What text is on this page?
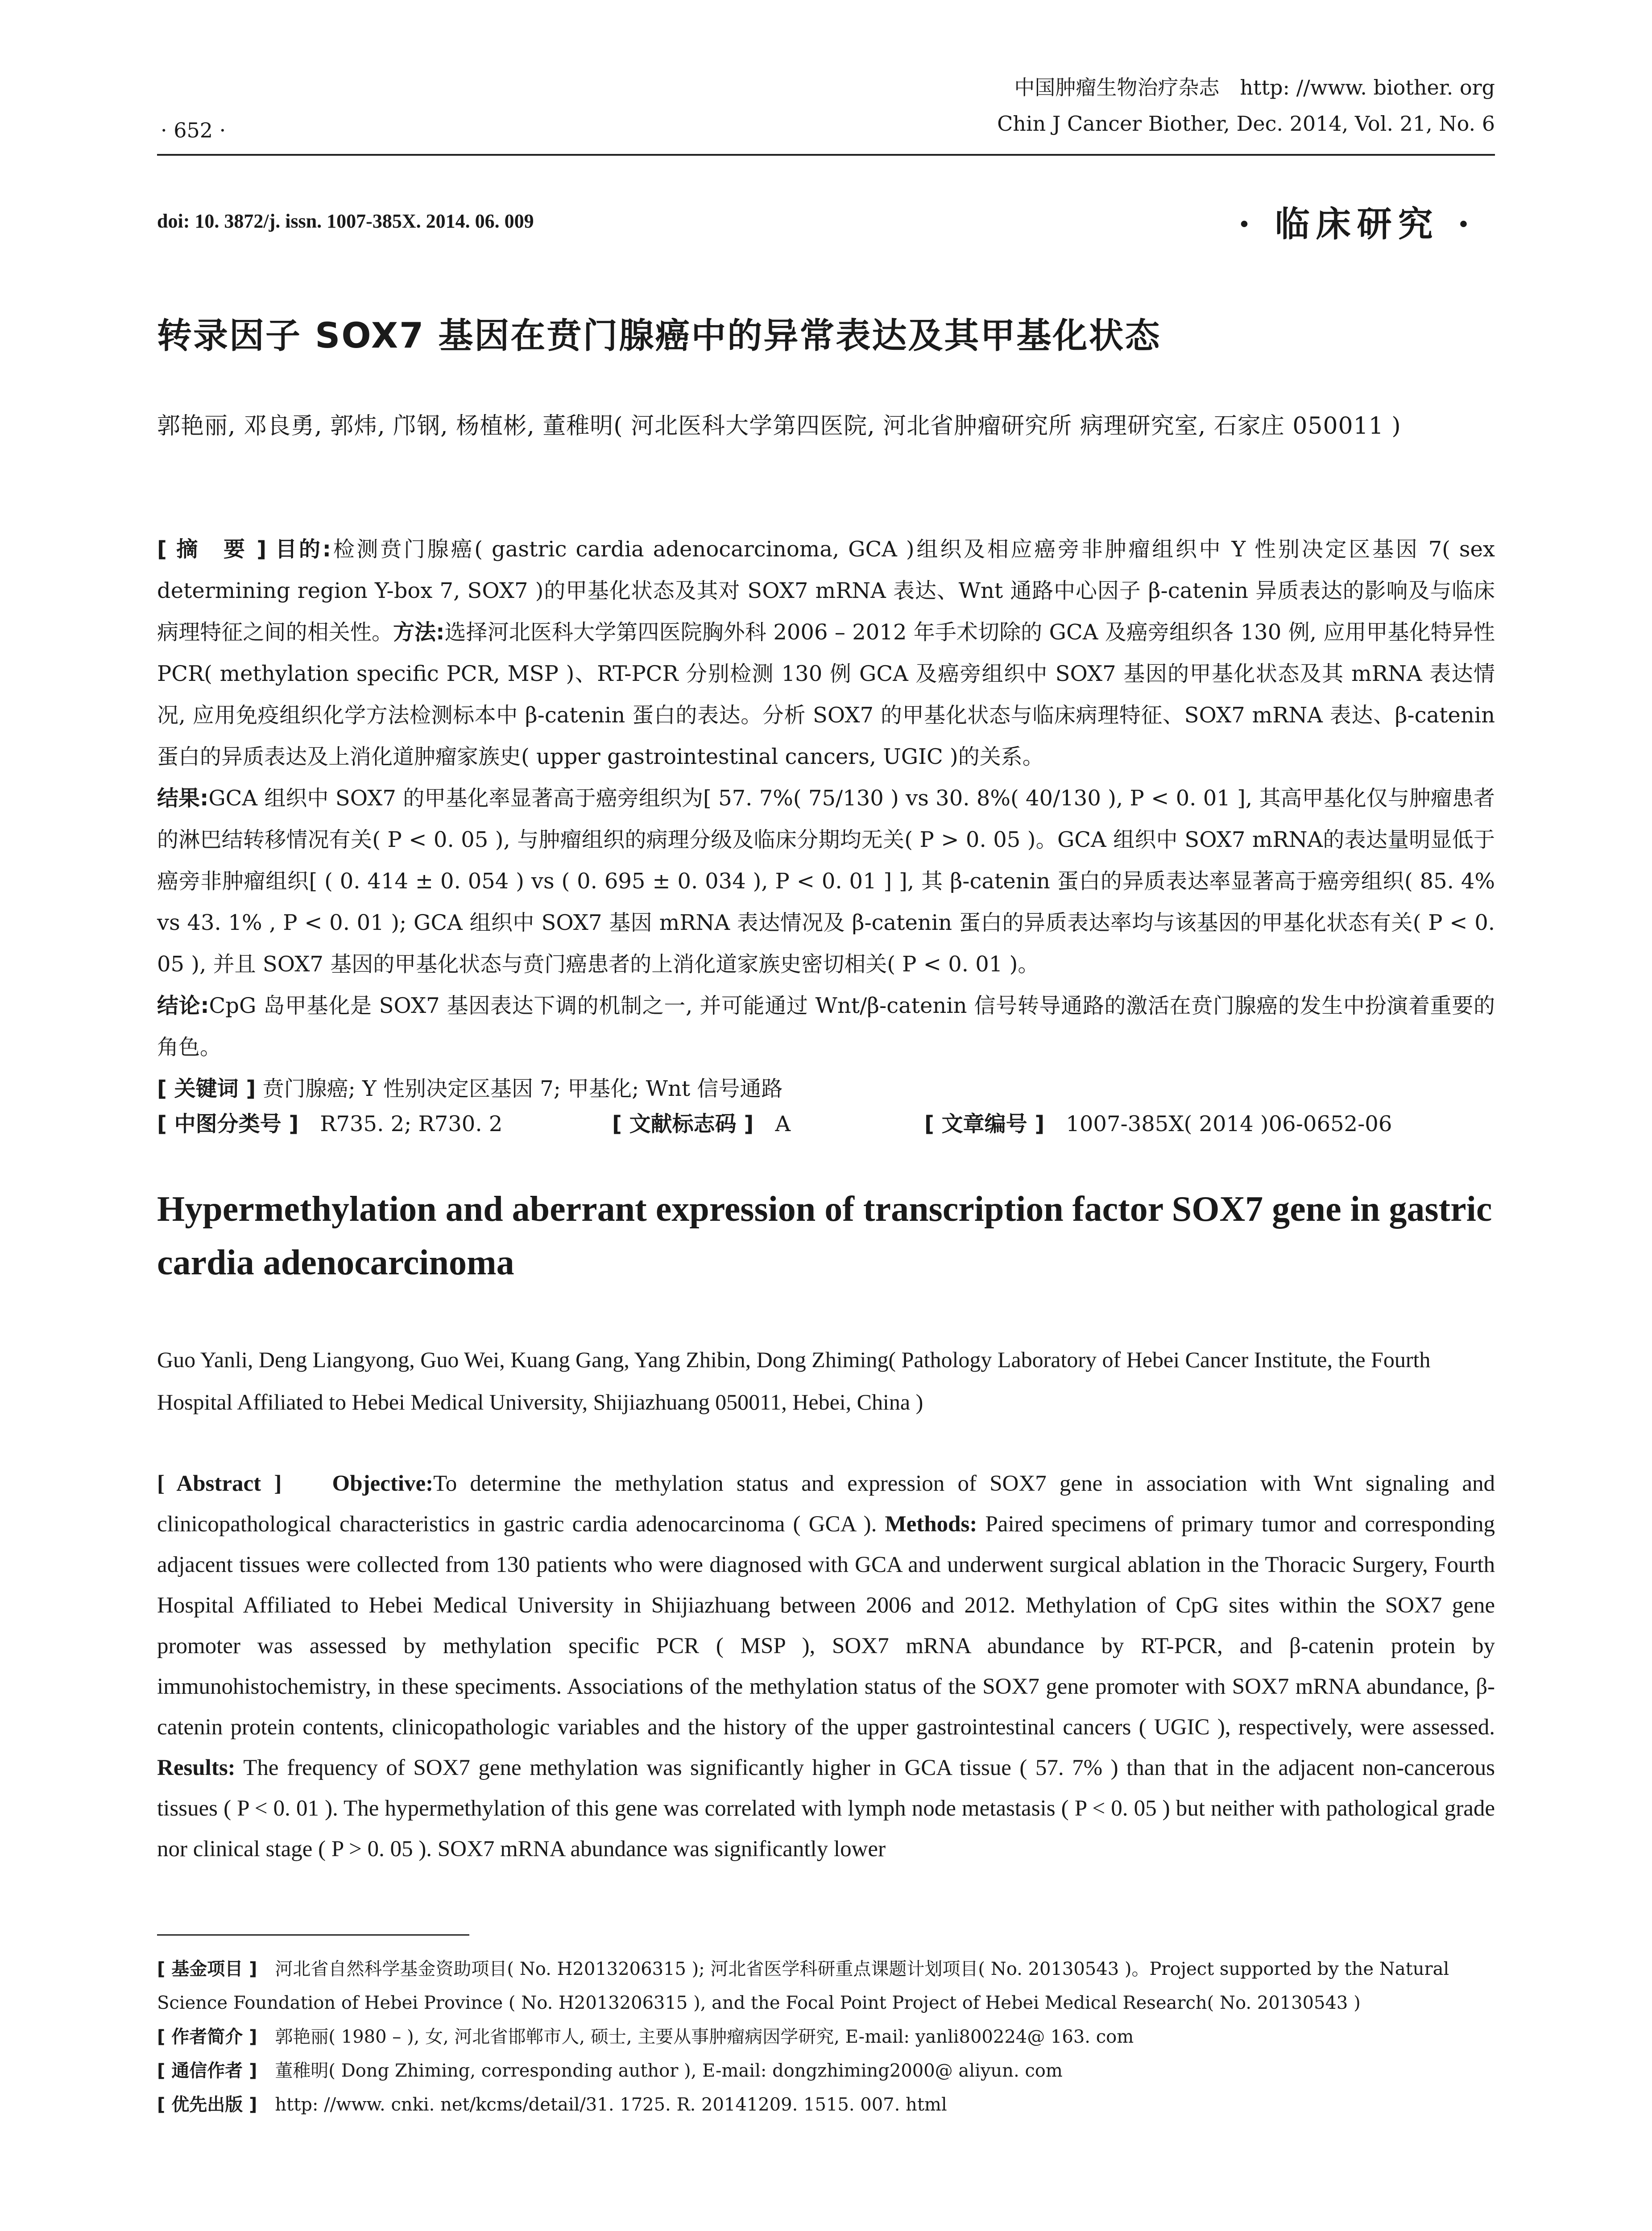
· 652 ·
中国肿瘤生物治疗杂志　http: //www. biother. org
Chin J Cancer Biother, Dec. 2014, Vol. 21, No. 6
doi: 10. 3872/j. issn. 1007-385X. 2014. 06. 009	· 临床研究 ·
转录因子 SOX7 基因在贲门腺癌中的异常表达及其甲基化状态
郭艳丽, 邓良勇, 郭炜, 邝钢, 杨植彬, 董稚明( 河北医科大学第四医院, 河北省肿瘤研究所 病理研究室, 石家庄 050011 )
[ 摘　要 ] 目的:检测贲门腺癌( gastric cardia adenocarcinoma, GCA )组织及相应癌旁非肿瘤组织中 Y 性别决定区基因 7( sex determining region Y-box 7, SOX7 )的甲基化状态及其对 SOX7 mRNA 表达、Wnt 通路中心因子 β-catenin 异质表达的影响及与临床病理特征之间的相关性。方法:选择河北医科大学第四医院胸外科 2006 – 2012 年手术切除的 GCA 及癌旁组织各 130 例, 应用甲基化特异性 PCR( methylation specific PCR, MSP )、RT-PCR 分别检测 130 例 GCA 及癌旁组织中 SOX7 基因的甲基化状态及其 mRNA 表达情况, 应用免疫组织化学方法检测标本中 β-catenin 蛋白的表达。分析 SOX7 的甲基化状态与临床病理特征、SOX7 mRNA 表达、β-catenin 蛋白的异质表达及上消化道肿瘤家族史( upper gastrointestinal cancers, UGIC )的关系。
结果:GCA 组织中 SOX7 的甲基化率显著高于癌旁组织为[ 57. 7%( 75/130 ) vs 30. 8%( 40/130 ), P < 0. 01 ], 其高甲基化仅与肿瘤患者的淋巴结转移情况有关( P < 0. 05 ), 与肿瘤组织的病理分级及临床分期均无关( P > 0. 05 )。GCA 组织中 SOX7 mRNA的表达量明显低于癌旁非肿瘤组织[ ( 0. 414 ± 0. 054 ) vs ( 0. 695 ± 0. 034 ), P < 0. 01 ] ], 其 β-catenin 蛋白的异质表达率显著高于癌旁组织( 85. 4% vs 43. 1% , P < 0. 01 ); GCA 组织中 SOX7 基因 mRNA 表达情况及 β-catenin 蛋白的异质表达率均与该基因的甲基化状态有关( P < 0. 05 ), 并且 SOX7 基因的甲基化状态与贲门癌患者的上消化道家族史密切相关( P < 0. 01 )。
结论:CpG 岛甲基化是 SOX7 基因表达下调的机制之一, 并可能通过 Wnt/β-catenin 信号转导通路的激活在贲门腺癌的发生中扮演着重要的角色。
[ 关键词 ] 贲门腺癌; Y 性别决定区基因 7; 甲基化; Wnt 信号通路
[ 中图分类号 ]　 R735. 2; R730. 2	[ 文献标志码 ]　 A	[ 文章编号 ]　 1007-385X( 2014 )06-0652-06
Hypermethylation and aberrant expression of transcription factor SOX7 gene in gastric cardia adenocarcinoma
Guo Yanli, Deng Liangyong, Guo Wei, Kuang Gang, Yang Zhibin, Dong Zhiming( Pathology Laboratory of Hebei Cancer Institute, the Fourth Hospital Affiliated to Hebei Medical University, Shijiazhuang 050011, Hebei, China )
[ Abstract ]　 Objective:To determine the methylation status and expression of SOX7 gene in association with Wnt signaling and clinicopathological characteristics in gastric cardia adenocarcinoma ( GCA ). Methods: Paired specimens of primary tumor and corresponding adjacent tissues were collected from 130 patients who were diagnosed with GCA and underwent surgical ablation in the Thoracic Surgery, Fourth Hospital Affiliated to Hebei Medical University in Shijiazhuang between 2006 and 2012. Methylation of CpG sites within the SOX7 gene promoter was assessed by methylation specific PCR ( MSP ), SOX7 mRNA abundance by RT-PCR, and β-catenin protein by immunohistochemistry, in these speciments. Associations of the methylation status of the SOX7 gene promoter with SOX7 mRNA abundance, β-catenin protein contents, clinicopathologic variables and the history of the upper gastrointestinal cancers ( UGIC ), respectively, were assessed. Results: The frequency of SOX7 gene methylation was significantly higher in GCA tissue ( 57. 7% ) than that in the adjacent non-cancerous tissues ( P < 0. 01 ). The hypermethylation of this gene was correlated with lymph node metastasis ( P < 0. 05 ) but neither with pathological grade nor clinical stage ( P > 0. 05 ). SOX7 mRNA abundance was significantly lower

[ 基金项目 ]　 河北省自然科学基金资助项目( No. H2013206315 ); 河北省医学科研重点课题计划项目( No. 20130543 )。Project supported by the Natural Science Foundation of Hebei Province ( No. H2013206315 ), and the Focal Point Project of Hebei Medical Research( No. 20130543 )

[ 作者简介 ]　 郭艳丽( 1980 – ), 女, 河北省邯郸市人, 硕士, 主要从事肿瘤病因学研究, E-mail: yanli800224@ 163. com

[ 通信作者 ]　 董稚明( Dong Zhiming, corresponding author ), E-mail: dongzhiming2000@ aliyun. com

[ 优先出版 ]　 http: //www. cnki. net/kcms/detail/31. 1725. R. 20141209. 1515. 007. html
